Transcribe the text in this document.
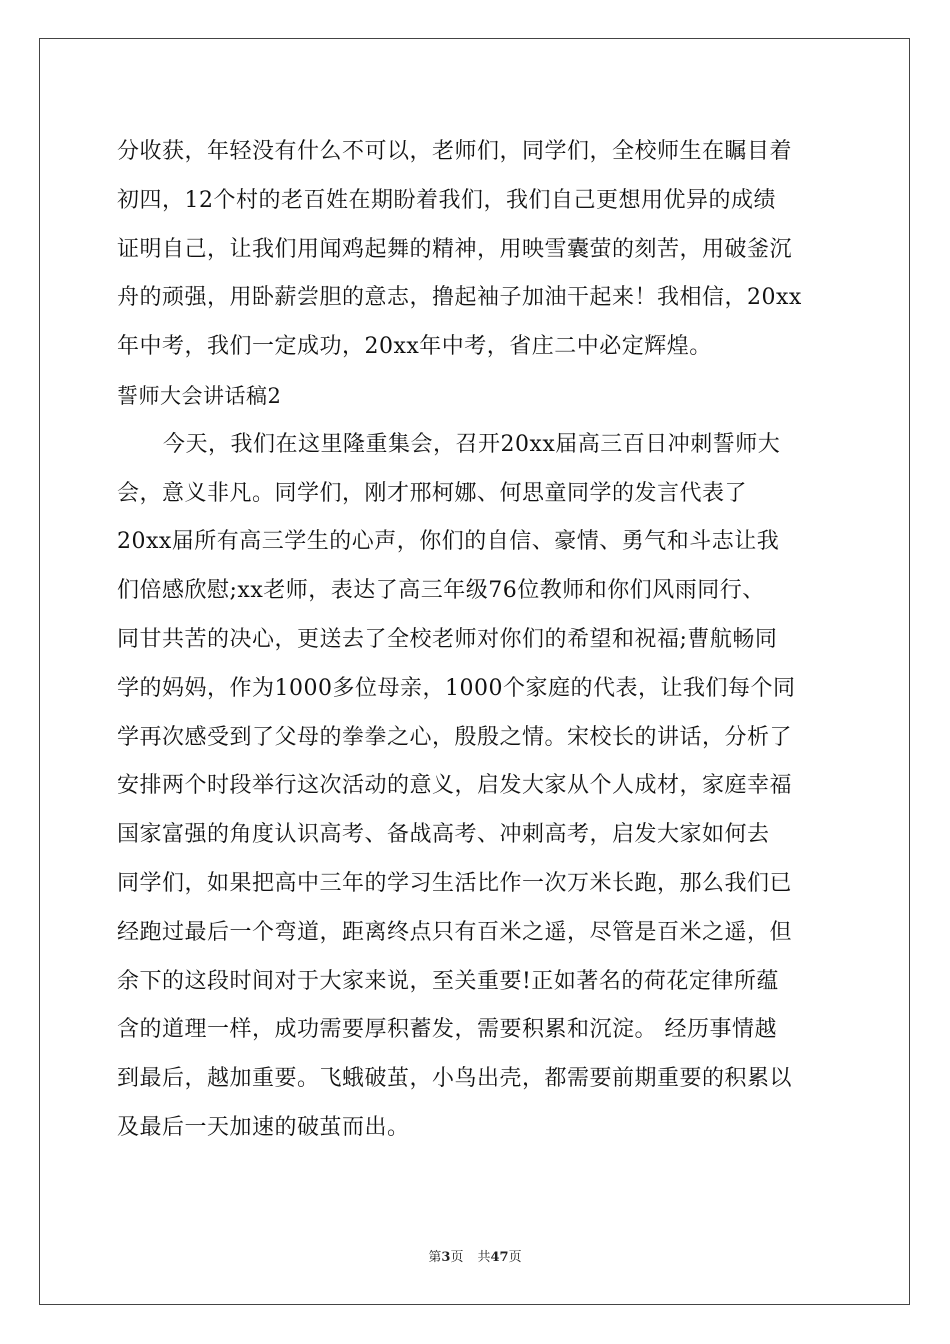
分收获，年轻没有什么不可以，老师们，同学们，全校师生在瞩目着
初四，12个村的老百姓在期盼着我们，我们自己更想用优异的成绩
证明自己，让我们用闻鸡起舞的精神，用映雪囊萤的刻苦，用破釜沉
舟的顽强，用卧薪尝胆的意志，撸起袖子加油干起来！我相信，20xx
年中考，我们一定成功，20xx年中考，省庄二中必定辉煌。
誓师大会讲话稿2
今天，我们在这里隆重集会，召开20xx届高三百日冲刺誓师大
会，意义非凡。同学们，刚才邢柯娜、何思童同学的发言代表了
20xx届所有高三学生的心声，你们的自信、豪情、勇气和斗志让我
们倍感欣慰;xx老师，表达了高三年级76位教师和你们风雨同行、
同甘共苦的决心，更送去了全校老师对你们的希望和祝福;曹航畅同
学的妈妈，作为1000多位母亲，1000个家庭的代表，让我们每个同
学再次感受到了父母的拳拳之心，殷殷之情。宋校长的讲话，分析了
安排两个时段举行这次活动的意义，启发大家从个人成材，家庭幸福
国家富强的角度认识高考、备战高考、冲刺高考，启发大家如何去
同学们，如果把高中三年的学习生活比作一次万米长跑，那么我们已
经跑过最后一个弯道，距离终点只有百米之遥，尽管是百米之遥，但
余下的这段时间对于大家来说，至关重要!正如著名的荷花定律所蕴
含的道理一样，成功需要厚积蓄发，需要积累和沉淀。 经历事情越
到最后，越加重要。飞蛾破茧，小鸟出壳，都需要前期重要的积累以
及最后一天加速的破茧而出。
第3页 共47页
